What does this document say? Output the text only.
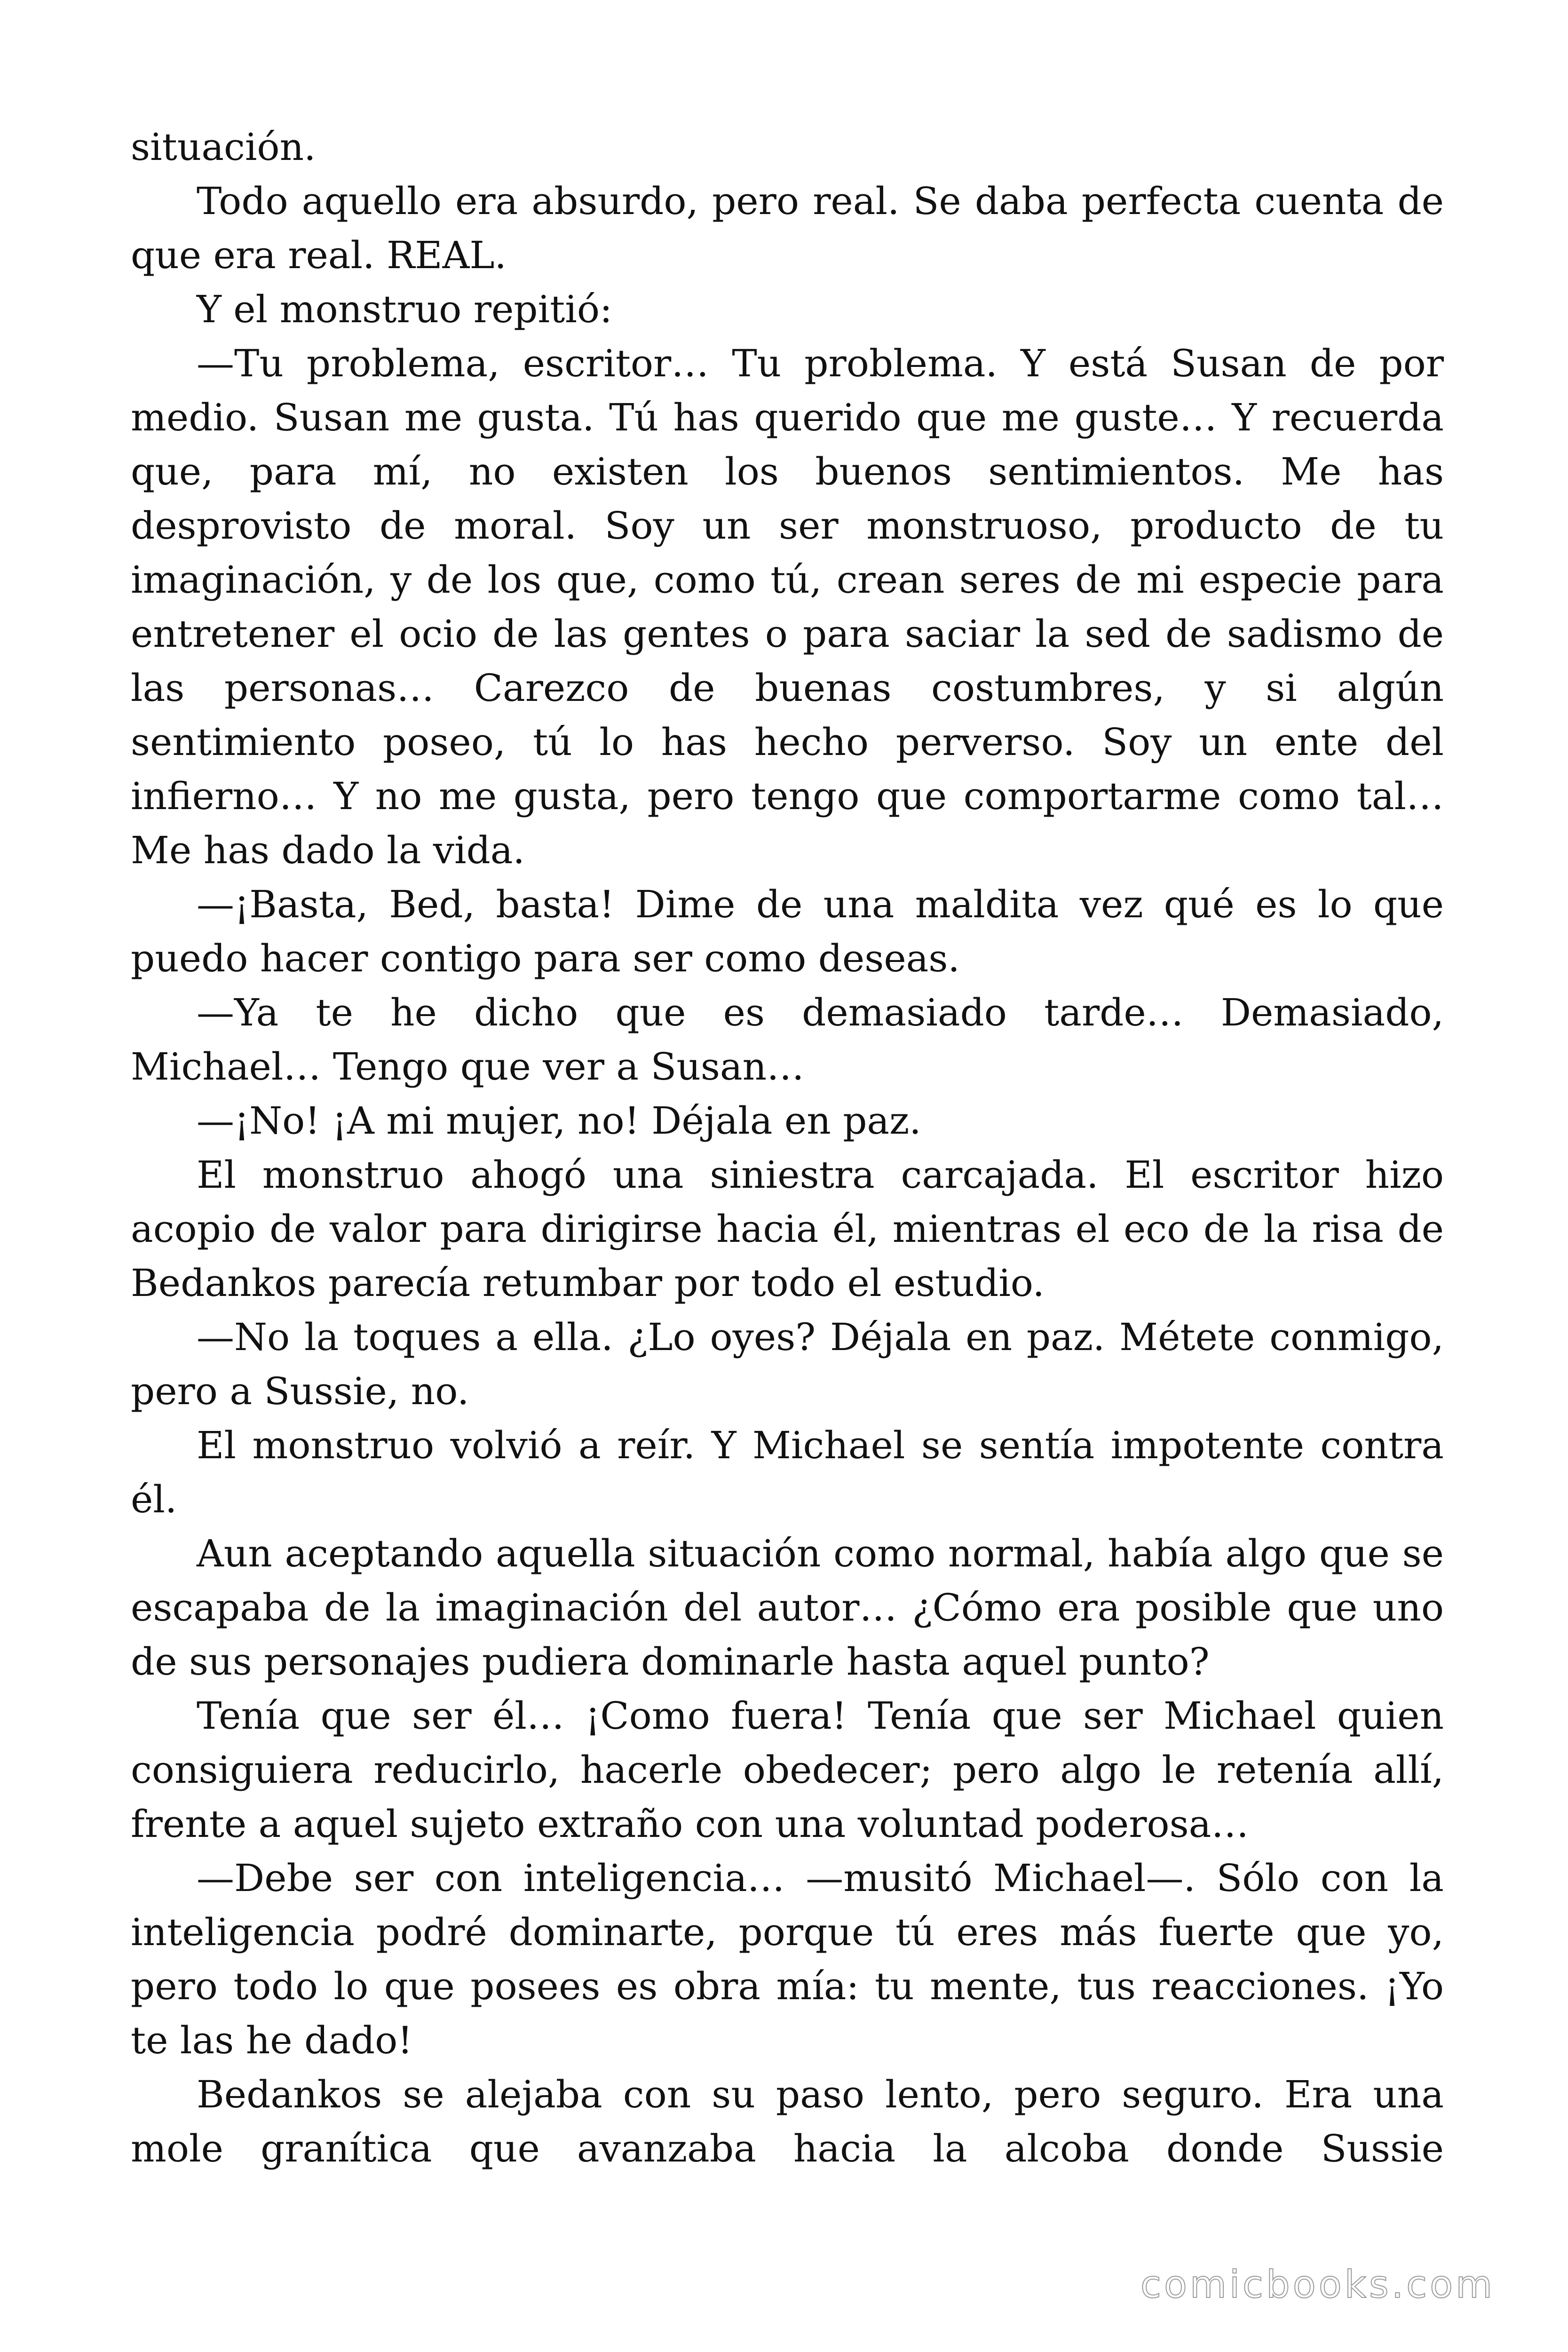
situación.

Todo aquello era absurdo, pero real. Se daba perfecta cuenta de que era real. REAL.

Y el monstruo repitió:

—Tu problema, escritor… Tu problema. Y está Susan de por medio. Susan me gusta. Tú has querido que me guste… Y recuerda que, para mí, no existen los buenos sentimientos. Me has desprovisto de moral. Soy un ser monstruoso, producto de tu imaginación, y de los que, como tú, crean seres de mi especie para entretener el ocio de las gentes o para saciar la sed de sadismo de las personas… Carezco de buenas costumbres, y si algún sentimiento poseo, tú lo has hecho perverso. Soy un ente del infierno… Y no me gusta, pero tengo que comportarme como tal… Me has dado la vida.

—¡Basta, Bed, basta! Dime de una maldita vez qué es lo que puedo hacer contigo para ser como deseas.

—Ya te he dicho que es demasiado tarde… Demasiado, Michael… Tengo que ver a Susan…

—¡No! ¡A mi mujer, no! Déjala en paz.

El monstruo ahogó una siniestra carcajada. El escritor hizo acopio de valor para dirigirse hacia él, mientras el eco de la risa de Bedankos parecía retumbar por todo el estudio.

—No la toques a ella. ¿Lo oyes? Déjala en paz. Métete conmigo, pero a Sussie, no.

El monstruo volvió a reír. Y Michael se sentía impotente contra él.

Aun aceptando aquella situación como normal, había algo que se escapaba de la imaginación del autor… ¿Cómo era posible que uno de sus personajes pudiera dominarle hasta aquel punto?

Tenía que ser él… ¡Como fuera! Tenía que ser Michael quien consiguiera reducirlo, hacerle obedecer; pero algo le retenía allí, frente a aquel sujeto extraño con una voluntad poderosa…

—Debe ser con inteligencia… —musitó Michael—. Sólo con la inteligencia podré dominarte, porque tú eres más fuerte que yo, pero todo lo que posees es obra mía: tu mente, tus reacciones. ¡Yo te las he dado!

Bedankos se alejaba con su paso lento, pero seguro. Era una mole granítica que avanzaba hacia la alcoba donde Sussie

comicbooks.com
